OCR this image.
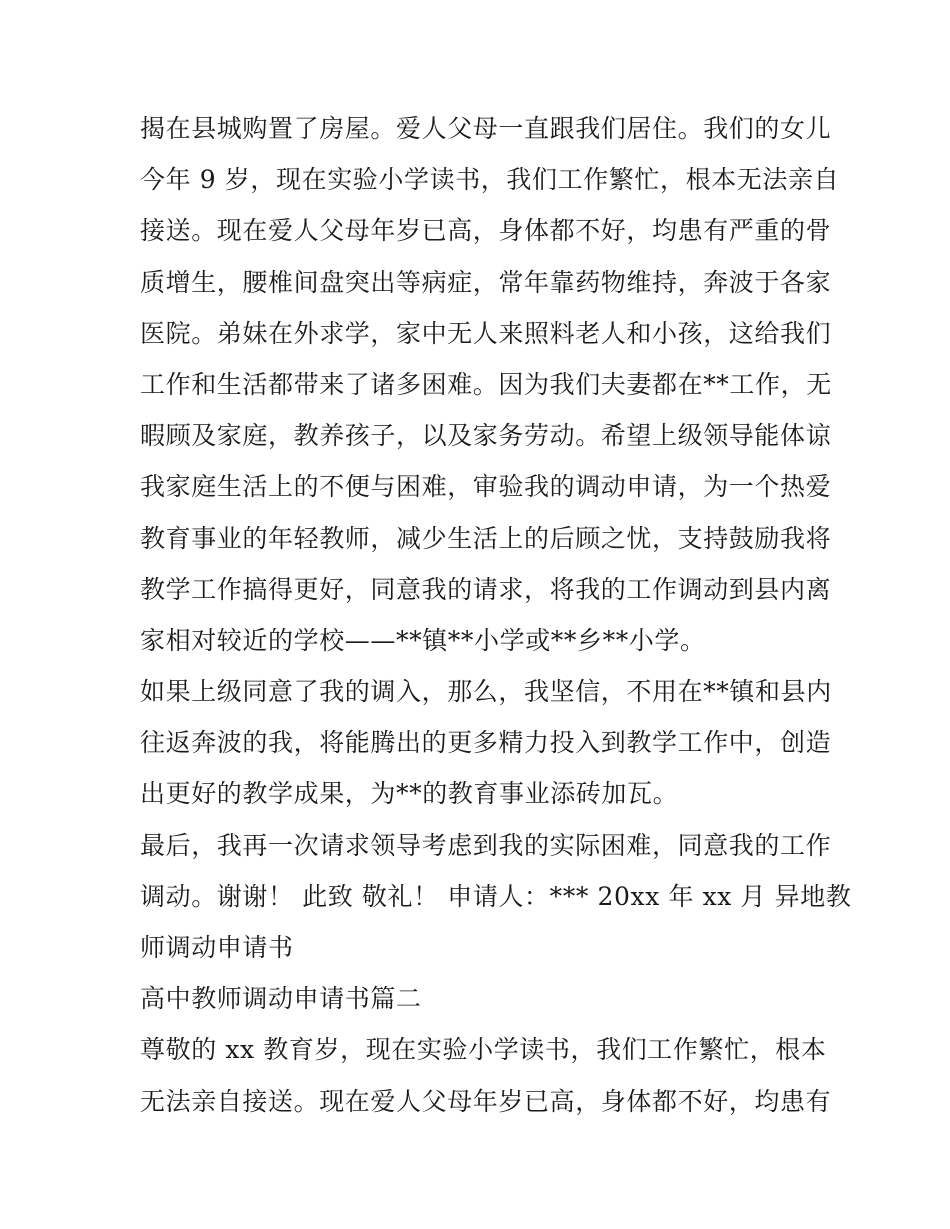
揭在县城购置了房屋。爱人父母一直跟我们居住。我们的女儿
今年 9 岁，现在实验小学读书，我们工作繁忙，根本无法亲自
接送。现在爱人父母年岁已高，身体都不好，均患有严重的骨
质增生，腰椎间盘突出等病症，常年靠药物维持，奔波于各家
医院。弟妹在外求学，家中无人来照料老人和小孩，这给我们
工作和生活都带来了诸多困难。因为我们夫妻都在**工作，无
暇顾及家庭，教养孩子，以及家务劳动。希望上级领导能体谅
我家庭生活上的不便与困难，审验我的调动申请，为一个热爱
教育事业的年轻教师，减少生活上的后顾之忧，支持鼓励我将
教学工作搞得更好，同意我的请求，将我的工作调动到县内离
家相对较近的学校——**镇**小学或**乡**小学。
如果上级同意了我的调入，那么，我坚信，不用在**镇和县内
往返奔波的我，将能腾出的更多精力投入到教学工作中，创造
出更好的教学成果，为**的教育事业添砖加瓦。
最后，我再一次请求领导考虑到我的实际困难，同意我的工作
调动。谢谢！ 此致 敬礼！ 申请人：*** 20xx 年 xx 月 异地教
师调动申请书
高中教师调动申请书篇二
尊敬的 xx 教育岁，现在实验小学读书，我们工作繁忙，根本
无法亲自接送。现在爱人父母年岁已高，身体都不好，均患有
